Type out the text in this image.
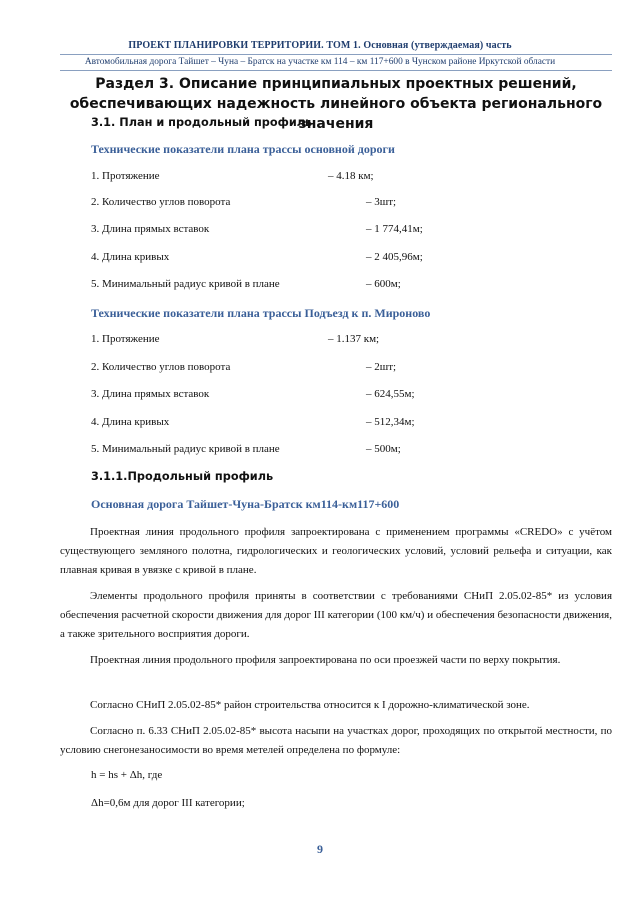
ПРОЕКТ ПЛАНИРОВКИ ТЕРРИТОРИИ. ТОМ 1. Основная (утверждаемая) часть
Автомобильная дорога Тайшет – Чуна – Братск на участке км 114 – км 117+600 в Чунском районе Иркутской области
Раздел 3. Описание принципиальных проектных решений,
обеспечивающих надежность линейного объекта регионального значения
3.1. План и продольный профиль
Технические показатели плана трассы основной дороги
1. Протяжение	– 4.18 км;
2. Количество углов поворота	– 3шт;
3. Длина прямых вставок	– 1 774,41м;
4. Длина кривых	– 2 405,96м;
5. Минимальный радиус кривой в плане	– 600м;
Технические показатели плана трассы Подъезд к п. Мироново
1. Протяжение	– 1.137 км;
2. Количество углов поворота	– 2шт;
3. Длина прямых вставок	– 624,55м;
4. Длина кривых	– 512,34м;
5. Минимальный радиус кривой в плане	– 500м;
3.1.1.Продольный профиль
Основная дорога Тайшет-Чуна-Братск км114-км117+600
Проектная линия продольного профиля запроектирована с применением программы «CREDO» с учётом существующего земляного полотна, гидрологических и геологических условий, условий рельефа и ситуации, как плавная кривая в увязке с кривой в плане.
Элементы продольного профиля приняты в соответствии с требованиями СНиП 2.05.02-85* из условия обеспечения расчетной скорости движения для дорог III категории (100 км/ч) и обеспечения безопасности движения, а также зрительного восприятия дороги.
Проектная линия продольного профиля запроектирована по оси проезжей части по верху покрытия.
Согласно СНиП 2.05.02-85* район строительства относится к I дорожно-климатической зоне.
Согласно п. 6.33 СНиП 2.05.02-85* высота насыпи на участках дорог, проходящих по открытой местности, по условию снегонезаносимости во время метелей определена по формуле:
h = hs + Δh, где
Δh=0,6м для дорог III категории;
9
